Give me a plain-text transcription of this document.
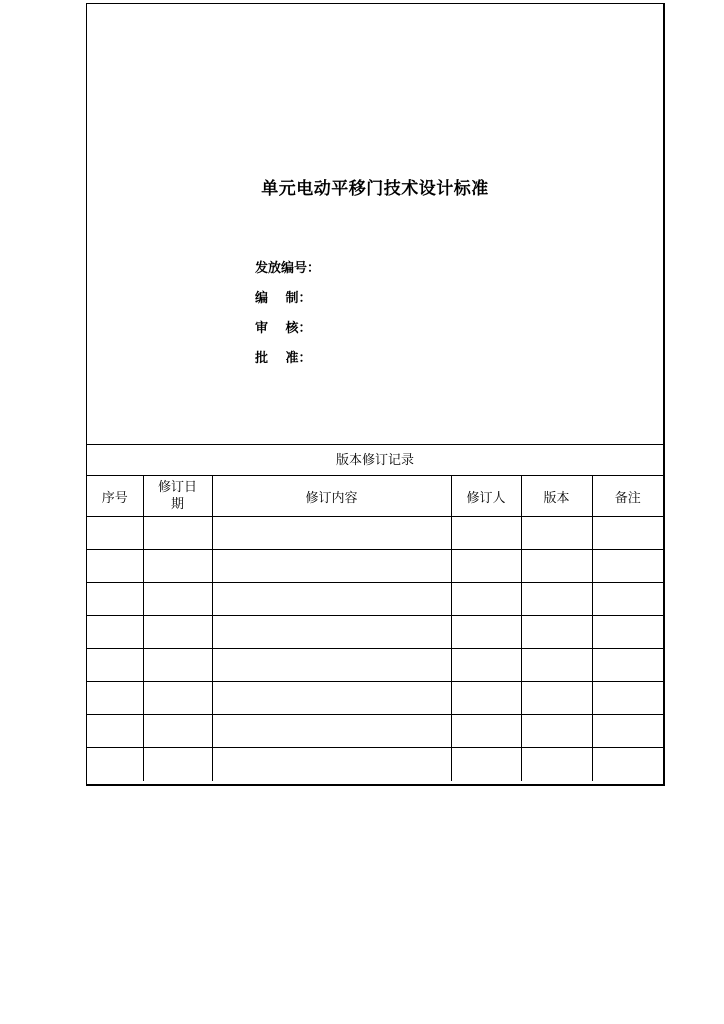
单元电动平移门技术设计标准
发放编号：
编　 制：
审　 核：
批　 准：
版本修订记录
序号	修订日期	修订内容	修订人	版本	备注
